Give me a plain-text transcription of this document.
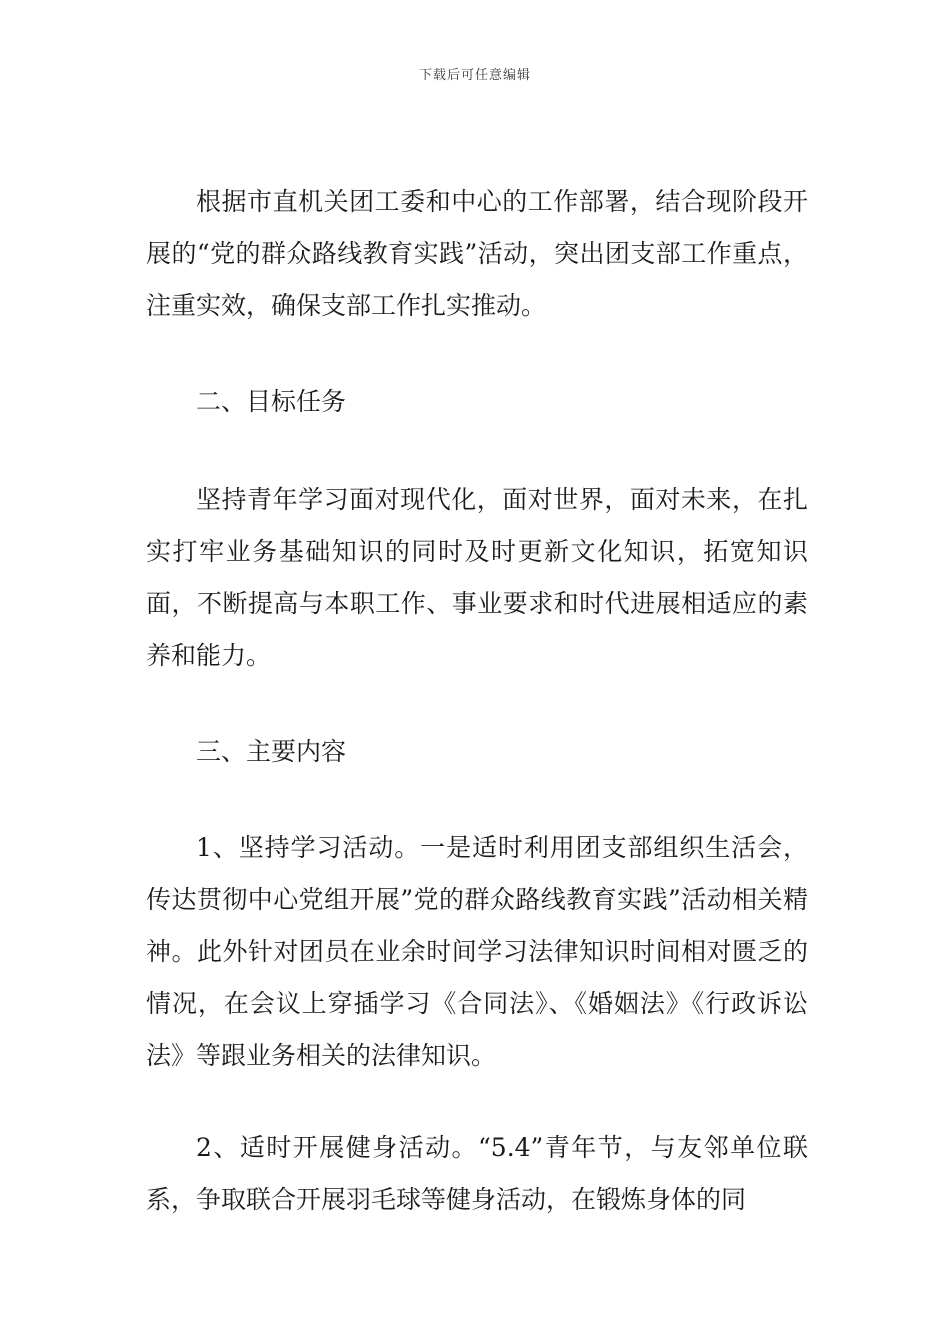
下载后可任意编辑

根据市直机关团工委和中心的工作部署，结合现阶段开展的“党的群众路线教育实践”活动，突出团支部工作重点，注重实效，确保支部工作扎实推动。

二、目标任务

坚持青年学习面对现代化，面对世界，面对未来，在扎实打牢业务基础知识的同时及时更新文化知识，拓宽知识面，不断提高与本职工作、事业要求和时代进展相适应的素养和能力。

三、主要内容

1、坚持学习活动。一是适时利用团支部组织生活会，传达贯彻中心党组开展”党的群众路线教育实践”活动相关精神。此外针对团员在业余时间学习法律知识时间相对匮乏的情况，在会议上穿插学习《合同法》、《婚姻法》《行政诉讼法》等跟业务相关的法律知识。

2、适时开展健身活动。“5.4”青年节，与友邻单位联系，争取联合开展羽毛球等健身活动，在锻炼身体的同
